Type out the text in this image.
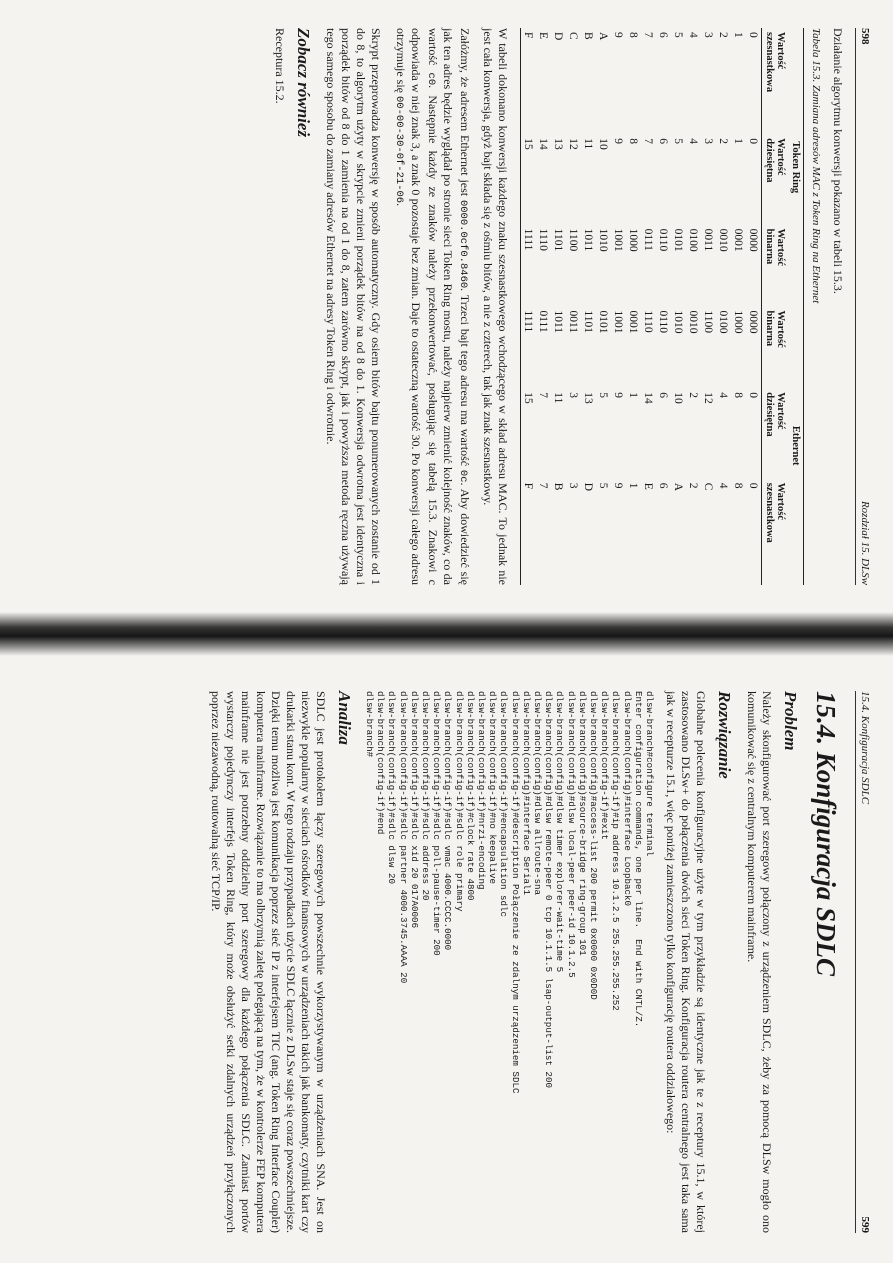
598
Rozdział 15. DLSw

Działanie algorytmu konwersji pokazano w tabeli 15.3.

Tabela 15.3. Zamiana adresów MAC z Token Ring na Ethernet
Token Ring			Ethernet		
Wartość szesnastkowa	Wartość dziesiętna	Wartość binarna	Wartość binarna	Wartość dziesiętna	Wartość szesnastkowa
0	0	0000	0000	0	0
1	1	0001	1000	8	8
2	2	0010	0100	4	4
3	3	0011	1100	12	C
4	4	0100	0010	2	2
5	5	0101	1010	10	A
6	6	0110	0110	6	6
7	7	0111	1110	14	E
8	8	1000	0001	1	1
9	9	1001	1001	9	9
A	10	1010	0101	5	5
B	11	1011	1101	13	D
C	12	1100	0011	3	3
D	13	1101	1011	11	B
E	14	1110	0111	7	7
F	15	1111	1111	15	F

W tabeli dokonano konwersji każdego znaku szesnastkowego wchodzącego w skład adresu MAC. To jednak nie jest cała konwersja, gdyż bajt składa się z ośmiu bitów, a nie z czterech, tak jak znak szesnastkowy.

Załóżmy, że adresem Ethernet jest 0000.0cf0.8460. Trzeci bajt tego adresu ma wartość 0c. Aby dowiedzieć się jak ten adres będzie wyglądał po stronie sieci Token Ring mostu, należy najpierw zmienić kolejność znaków, co da wartość c0. Następnie każdy ze znaków należy przekonwertować, posługując się tabelą 15.3. Znakowi c odpowiada w niej znak 3, a znak 0 pozostaje bez zmian. Daje to ostateczną wartość 30. Po konwersji całego adresu otrzymuje się 00-00-30-0f-21-06.

Skrypt przeprowadza konwersję w sposób automatyczny. Gdy osiem bitów bajtu ponumerowanych zostanie od 1 do 8, to algorytm użyty w skrypcie zmieni porządek bitów na od 8 do 1. Konwersja odwrotna jest identyczna i porządek bitów od 8 do 1 zamienia na od 1 do 8, zatem zarówno skrypt, jak i powyższa metoda ręczna używają tego samego sposobu do zamiany adresów Ethernet na adresy Token Ring i odwrotnie.

Zobacz również
Receptura 15.2.
15.4. Konfiguracja SDLC
599
15.4. Konfiguracja SDLC
Problem

Należy skonfigurować port szeregowy połączony z urządzeniem SDLC, żeby za pomocą DLSw mogło ono komunikować się z centralnym komputerem mainframe.

Rozwiązanie

Globalne polecenia konfiguracyjne użyte w tym przykładzie są identyczne jak te z receptury 15.1, w której zastosowano DLSw+ do połączenia dwóch sieci Token Ring. Konfiguracja routera centralnego jest taka sama jak w recepturze 15.1, więc poniżej zamieszczono tylko konfigurację routera oddziałowego:

dlsw-branch#configure terminal
Enter configuration commands, one per line.  End with CNTL/Z.
dlsw-branch(config)#interface Loopback0
dlsw-branch(config-if)#ip address 10.1.2.5 255.255.255.252
dlsw-branch(config-if)#exit
dlsw-branch(config)#access-list 200 permit 0x0000 0x0D0D
dlsw-branch(config)#source-bridge ring-group 101
dlsw-branch(config)#dlsw local-peer peer-id 10.1.2.5
dlsw-branch(config)#dlsw timer explorer-wait-time 5
dlsw-branch(config)#dlsw remote-peer 0 tcp 10.1.1.5 lsap-output-list 200
dlsw-branch(config)#dlsw allroute-sna
dlsw-branch(config)#interface Serial1
dlsw-branch(config-if)#description Połączenie ze zdalnym urządzeniem SDLC
dlsw-branch(config-if)#encapsulation sdlc
dlsw-branch(config-if)#no keepalive
dlsw-branch(config-if)#nrzi-encoding
dlsw-branch(config-if)#clock rate 4800
dlsw-branch(config-if)#sdlc role primary
dlsw-branch(config-if)#sdlc vmac 4000.CCCC.0000
dlsw-branch(config-if)#sdlc poll-pause-timer 200
dlsw-branch(config-if)#sdlc address 20
dlsw-branch(config-if)#sdlc xid 20 017A0006
dlsw-branch(config-if)#sdlc partner 4000.3745.AAAA 20
dlsw-branch(config-if)#sdlc dlsw 20
dlsw-branch(config-if)#end
dlsw-branch#
Analiza

SDLC jest protokołem łączy szeregowych powszechnie wykorzystywanym w urządzeniach SNA. Jest on niezwykle popularny w sieciach ośrodków finansowych w urządzeniach takich jak bankomaty, czytniki kart czy drukarki stanu kont. W tego rodzaju przypadkach użycie SDLC łącznie z DLSw staje się coraz powszechniejsze. Dzięki temu możliwa jest komunikacja poprzez sieć IP z interfejsem TIC (ang. Token Ring Interface Coupler) komputera mainframe. Rozwiązanie to ma olbrzymią zaletę polegającą na tym, że w kontrolerze FEP komputera mainframe nie jest potrzebny oddzielny port szeregowy dla każdego połączenia SDLC. Zamiast portów wystarczy pojedynczy interfejs Token Ring, który może obsłużyć setki zdalnych urządzeń przyłączonych poprzez niezawodną, routowalną sieć TCP/IP.
